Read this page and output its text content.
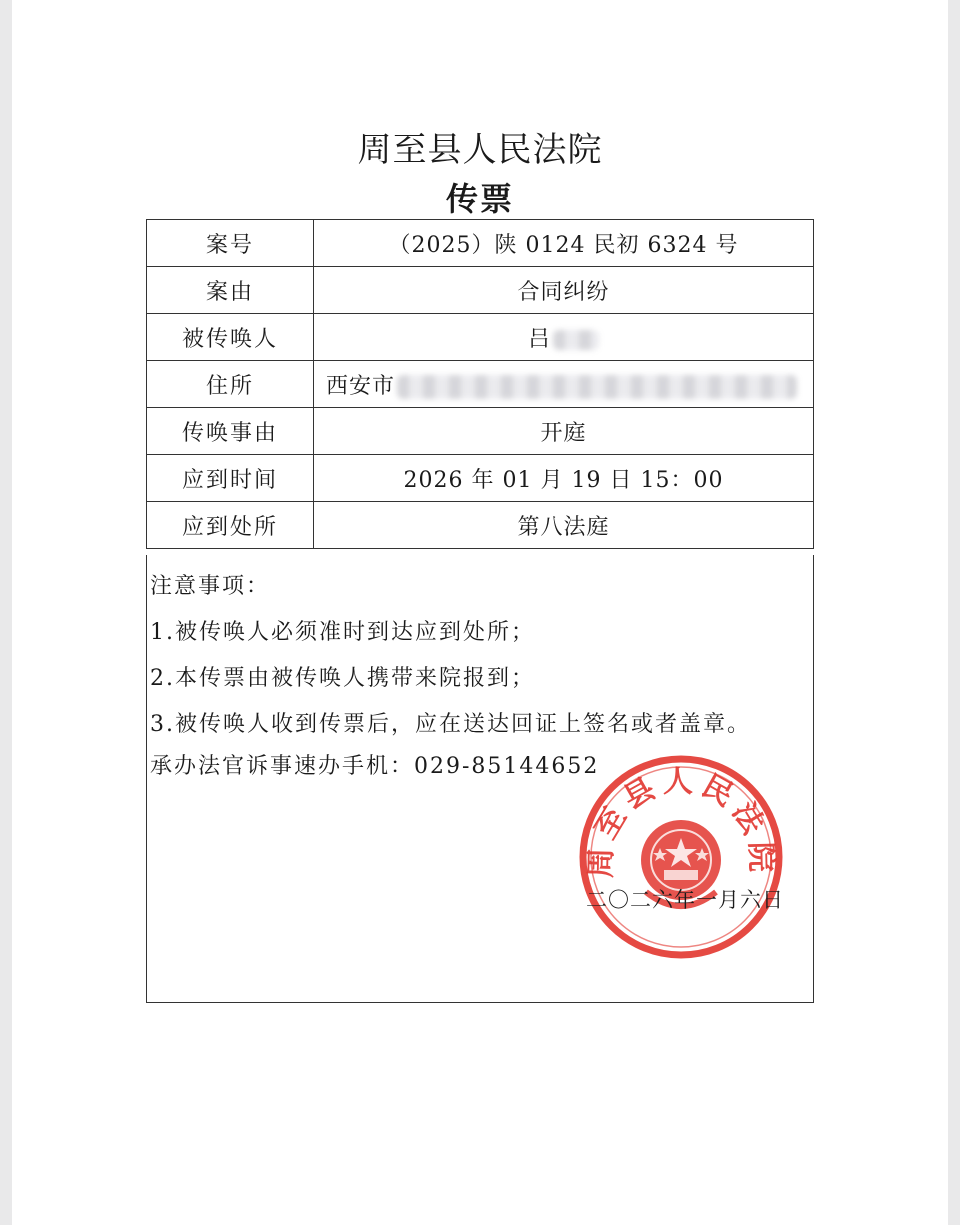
周至县人民法院
传票
案号	（2025）陕 0124 民初 6324 号
案由	合同纠纷
被传唤人	吕
住所	西安市
传唤事由	开庭
应到时间	2026 年 01 月 19 日 15：00
应到处所	第八法庭
注意事项：
1.被传唤人必须准时到达应到处所；
2.本传票由被传唤人携带来院报到；
3.被传唤人收到传票后，应在送达回证上签名或者盖章。
承办法官诉事速办手机：029-85144652
周至县人民法院
二〇二六年一月六日
